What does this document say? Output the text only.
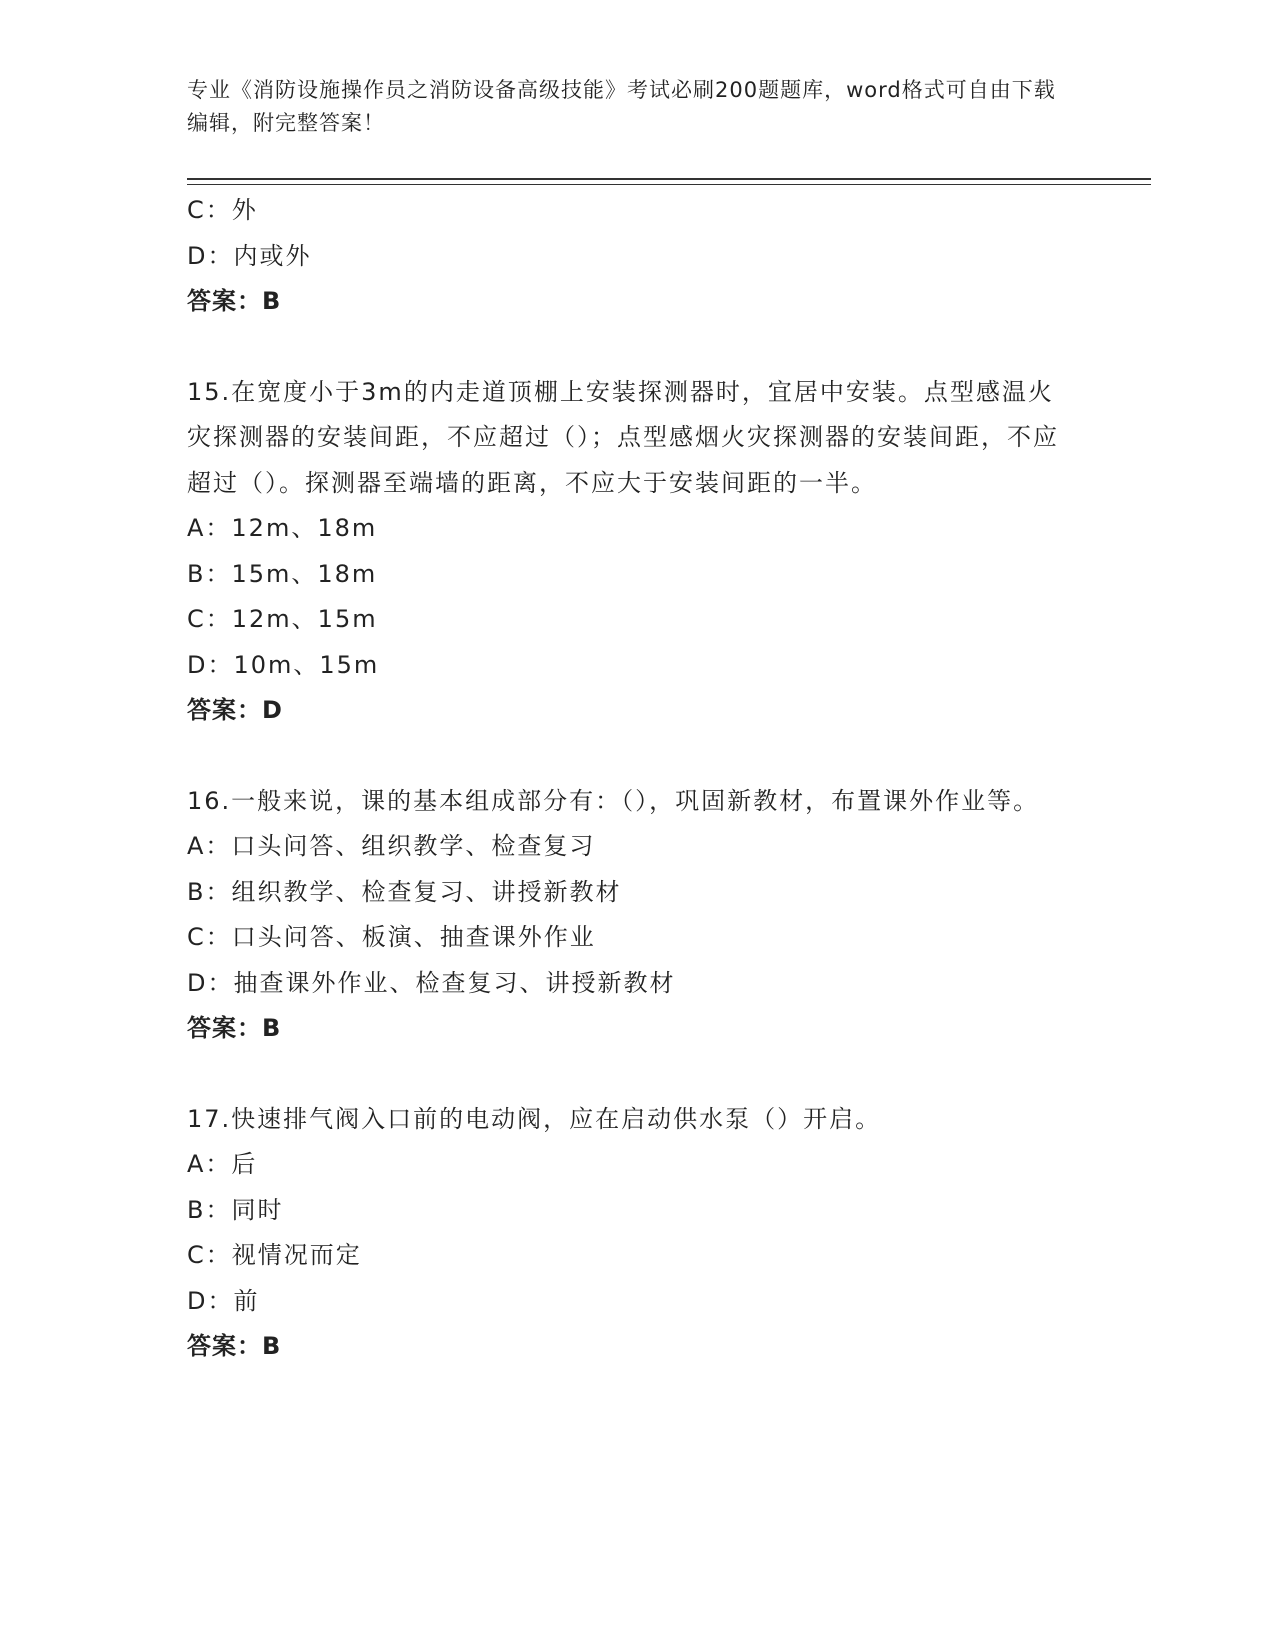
专业《消防设施操作员之消防设备高级技能》考试必刷200题题库，word格式可自由下载编辑，附完整答案！
C：外
D：内或外
答案：B
15.在宽度小于3m的内走道顶棚上安装探测器时，宜居中安装。点型感温火灾探测器的安装间距，不应超过（）；点型感烟火灾探测器的安装间距，不应超过（）。探测器至端墙的距离，不应大于安装间距的一半。
A：12m、18m
B：15m、18m
C：12m、15m
D：10m、15m
答案：D
16.一般来说，课的基本组成部分有：（），巩固新教材，布置课外作业等。
A：口头问答、组织教学、检查复习
B：组织教学、检查复习、讲授新教材
C：口头问答、板演、抽查课外作业
D：抽查课外作业、检查复习、讲授新教材
答案：B
17.快速排气阀入口前的电动阀，应在启动供水泵（）开启。
A：后
B：同时
C：视情况而定
D：前
答案：B
